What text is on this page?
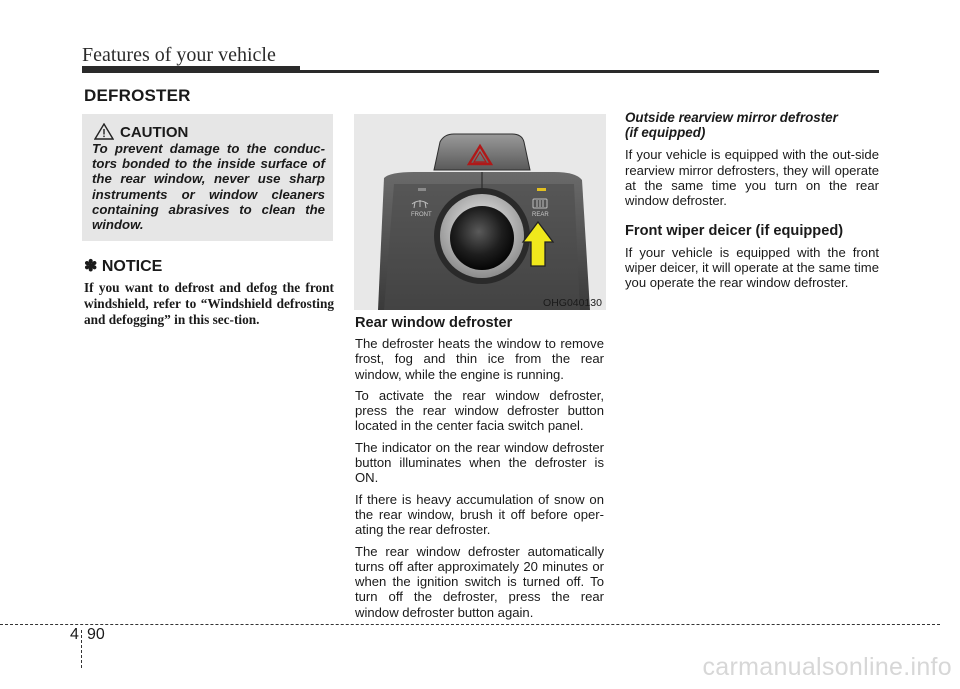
Features of your vehicle
DEFROSTER
CAUTION
To prevent damage to the conduc-tors bonded to the inside surface of the rear window, never use sharp instruments or window cleaners containing abrasives to clean the window.
✽ NOTICE
If you want to defrost and defog the front windshield, refer to “Windshield defrosting and defogging” in this sec-tion.
FRONT	REAR
OHG040130
Rear window defroster

The defroster heats the window to remove frost, fog and thin ice from the rear window, while the engine is running.

To activate the rear window defroster, press the rear window defroster button located in the center facia switch panel.

The indicator on the rear window defroster button illuminates when the defroster is ON.

If there is heavy accumulation of snow on the rear window, brush it off before oper-ating the rear defroster.

The rear window defroster automatically turns off after approximately 20 minutes or when the ignition switch is turned off. To turn off the defroster, press the rear window defroster button again.

Outside rearview mirror defroster
(if equipped)

If your vehicle is equipped with the out-side rearview mirror defrosters, they will operate at the same time you turn on the rear window defroster.

Front wiper deicer (if equipped)

If your vehicle is equipped with the front wiper deicer, it will operate at the same time you operate the rear window defroster.

4 90
carmanualsonline.info
